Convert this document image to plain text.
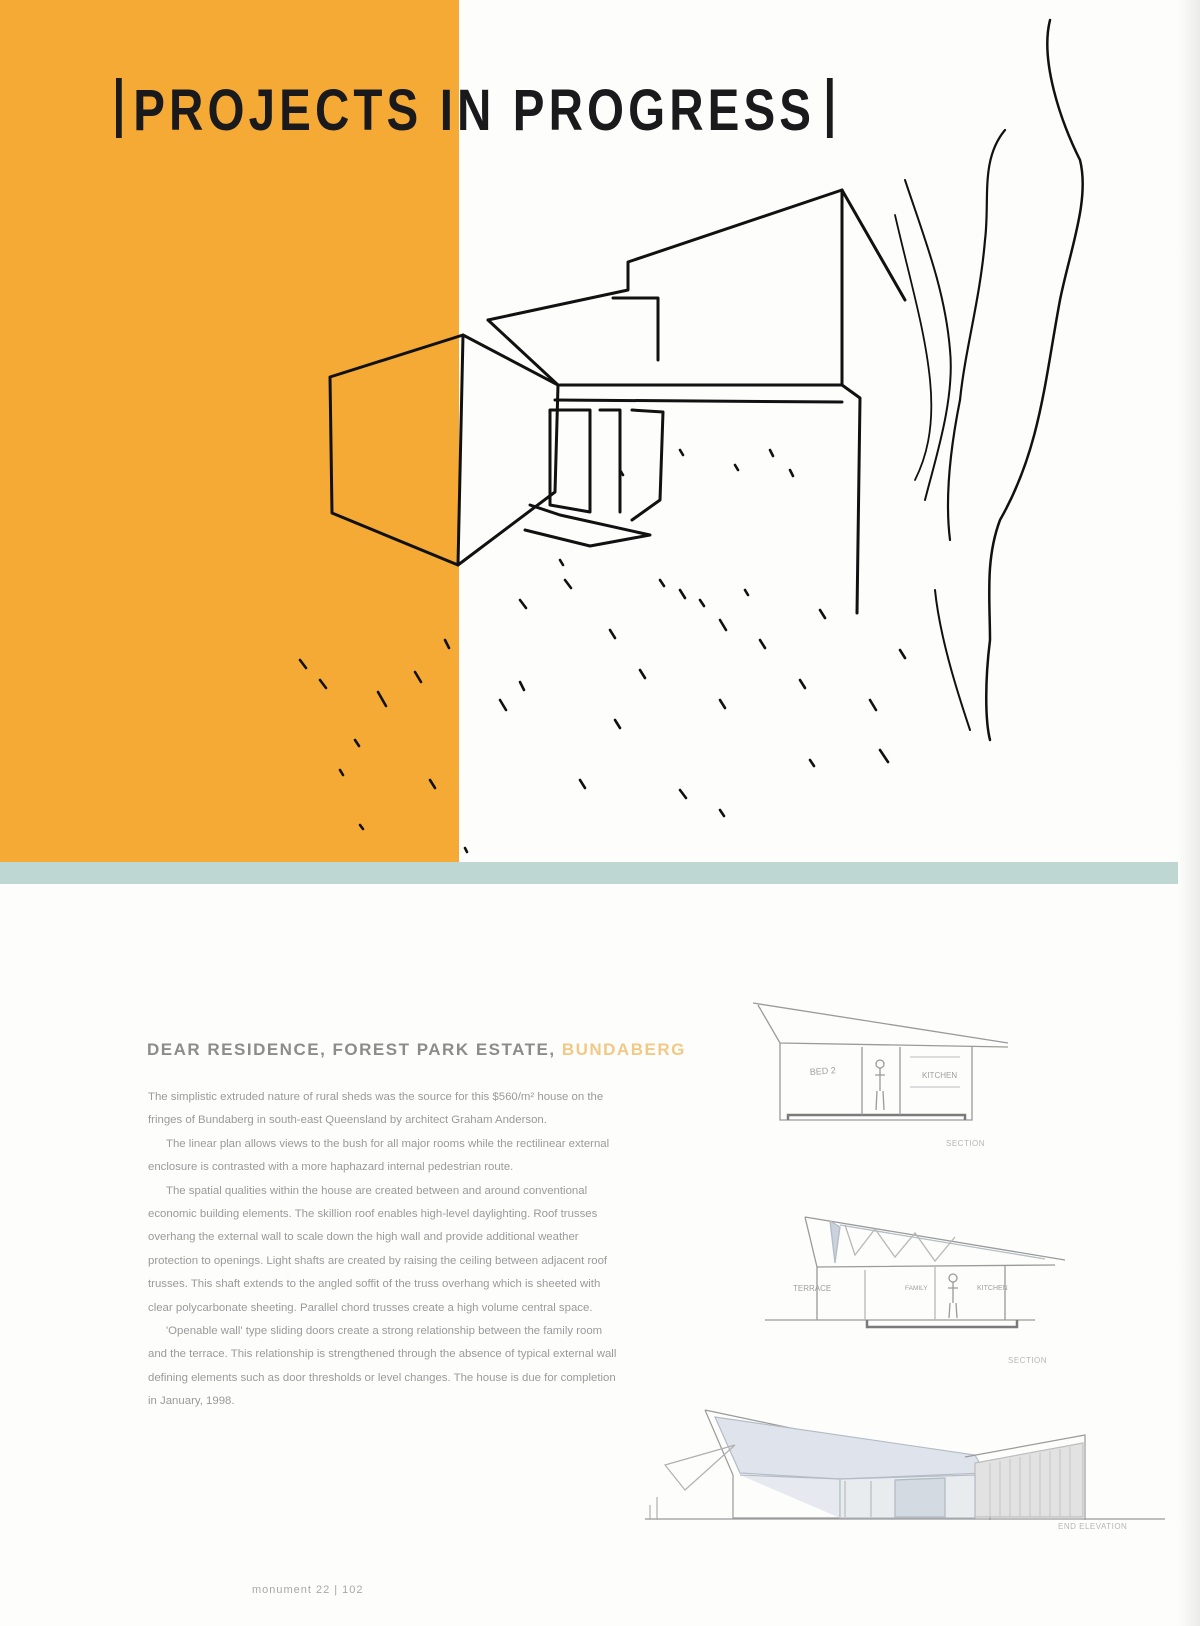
PROJECTS IN PROGRESS
DEAR RESIDENCE, FOREST PARK ESTATE, BUNDABERG

The simplistic extruded nature of rural sheds was the source for this $560/m² house on the fringes of Bundaberg in south-east Queensland by architect Graham Anderson.

The linear plan allows views to the bush for all major rooms while the rectilinear external enclosure is contrasted with a more haphazard internal pedestrian route.

The spatial qualities within the house are created between and around conventional economic building elements. The skillion roof enables high-level daylighting. Roof trusses overhang the external wall to scale down the high wall and provide additional weather protection to openings. Light shafts are created by raising the ceiling between adjacent roof trusses. This shaft extends to the angled soffit of the truss overhang which is sheeted with clear polycarbonate sheeting. Parallel chord trusses create a high volume central space.

'Openable wall' type sliding doors create a strong relationship between the family room and the terrace. This relationship is strengthened through the absence of typical external wall defining elements such as door thresholds or level changes. The house is due for completion in January, 1998.

BED 2	KITCHEN
SECTION
TERRACE	FAMILY	KITCHEN
SECTION
END ELEVATION
monument 22 | 102
